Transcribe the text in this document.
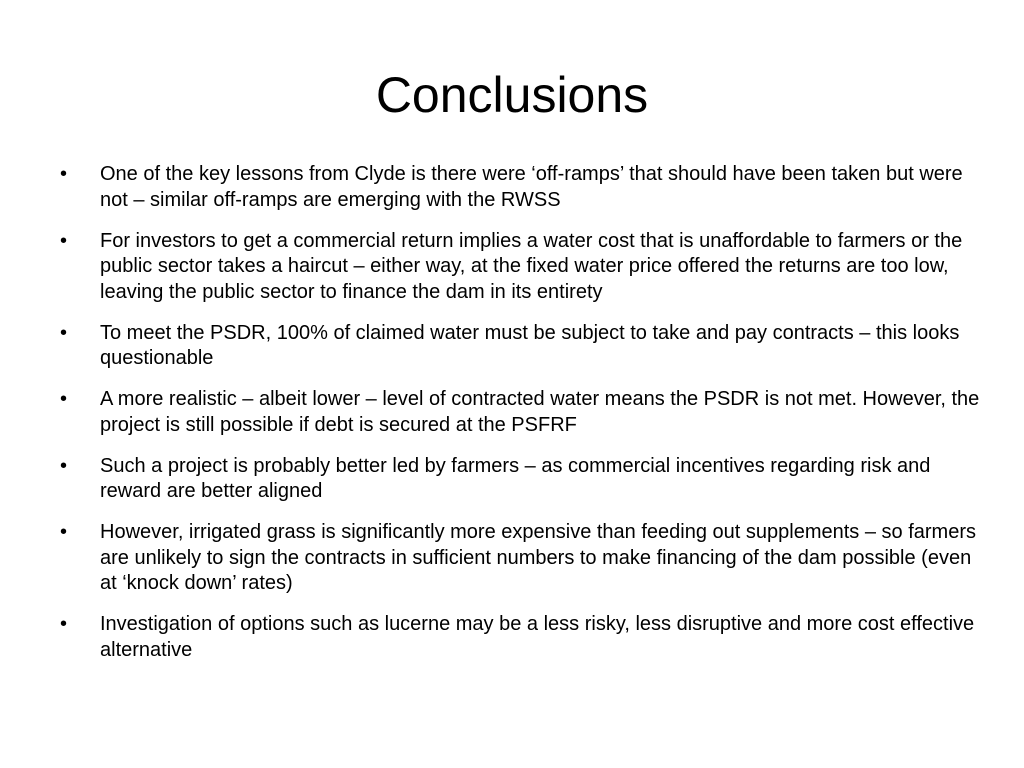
Conclusions
•	One of the key lessons from Clyde is there were ‘off-ramps’ that should have been taken but were not – similar off-ramps are emerging with the RWSS
•	For investors to get a commercial return implies a water cost that is unaffordable to farmers or the public sector takes a haircut – either way, at the fixed water price offered the returns are too low, leaving the public sector to finance the dam in its entirety
•	To meet the PSDR, 100% of claimed water must be subject to take and pay contracts – this looks questionable
•	A more realistic – albeit lower – level of contracted water means the PSDR is not met. However, the project is still possible if debt is secured at the PSFRF
•	Such a project is probably better led by farmers – as commercial incentives regarding risk and reward are better aligned
•	However, irrigated grass is significantly more expensive than feeding out supplements – so farmers are unlikely to sign the contracts in sufficient numbers to make financing of the dam possible (even at ‘knock down’ rates)
•	Investigation of options such as lucerne may be a less risky, less disruptive and more cost effective alternative
